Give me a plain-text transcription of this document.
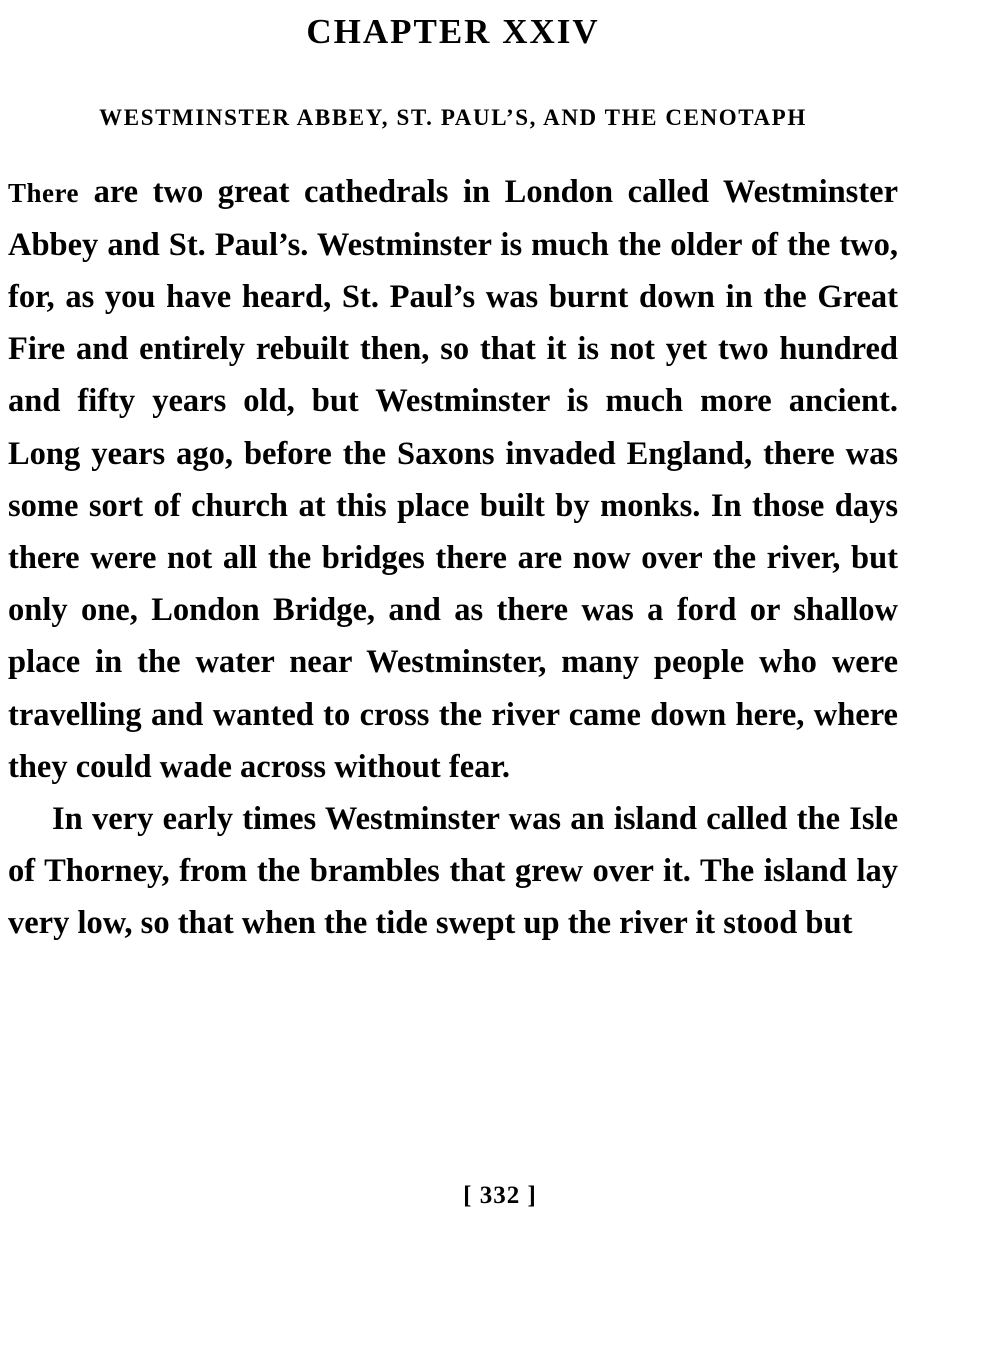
CHAPTER XXIV
WESTMINSTER ABBEY, ST. PAUL’S, AND THE CENOTAPH

There are two great cathedrals in London called Westminster Abbey and St. Paul’s. Westminster is much the older of the two, for, as you have heard, St. Paul’s was burnt down in the Great Fire and entirely rebuilt then, so that it is not yet two hundred and fifty years old, but Westminster is much more ancient. Long years ago, before the Saxons invaded England, there was some sort of church at this place built by monks. In those days there were not all the bridges there are now over the river, but only one, London Bridge, and as there was a ford or shallow place in the water near Westminster, many people who were travelling and wanted to cross the river came down here, where they could wade across without fear.

In very early times Westminster was an island called the Isle of Thorney, from the brambles that grew over it. The island lay very low, so that when the tide swept up the river it stood but

[ 332 ]
